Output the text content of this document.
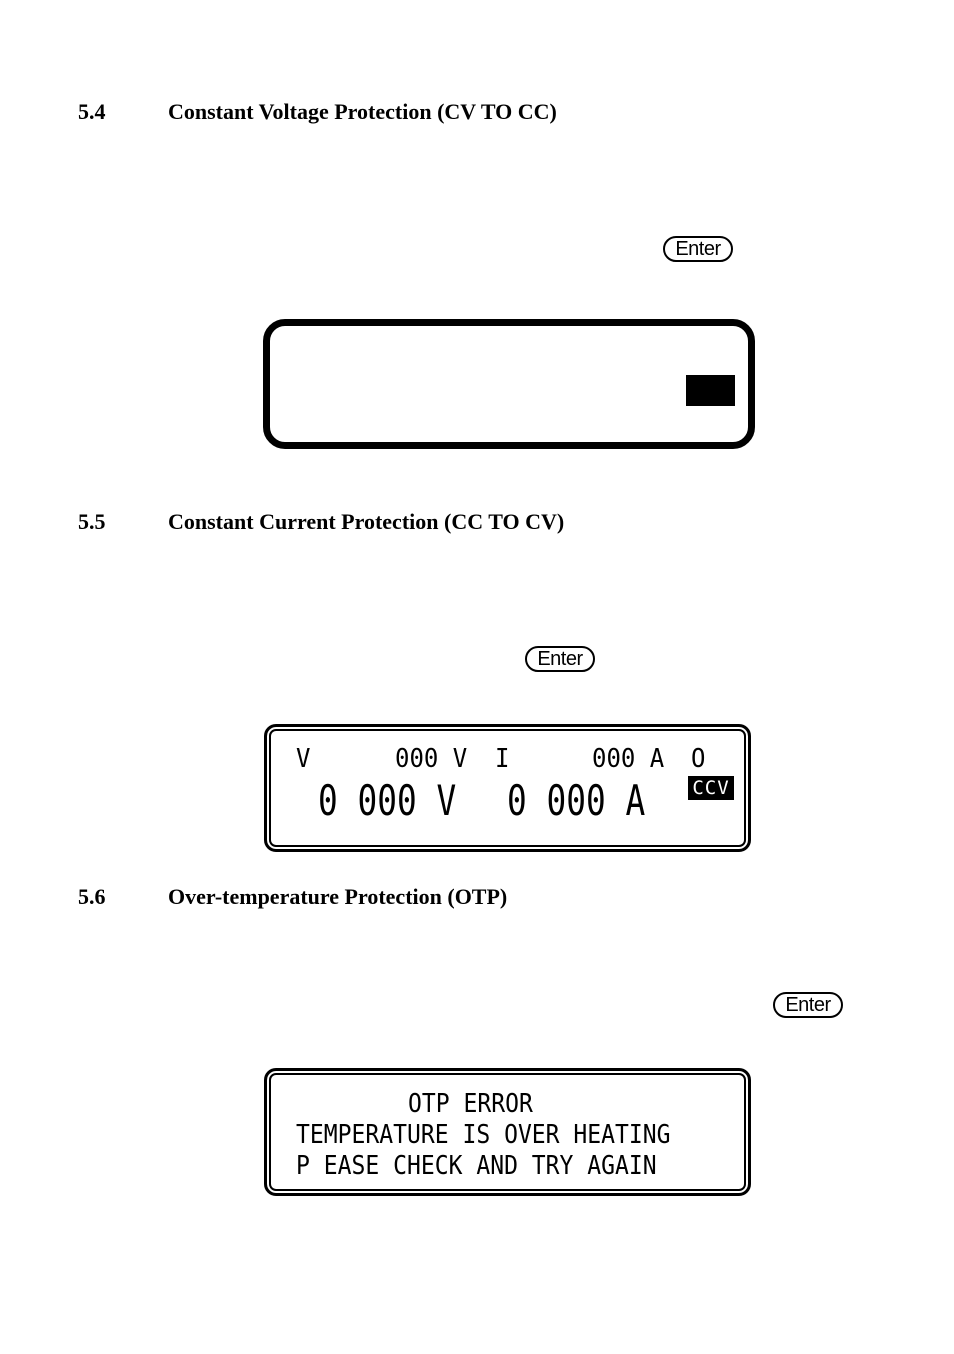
5.4	Constant Voltage Protection (CV TO CC)
Enter
5.5	Constant Current Protection (CC TO CV)
Enter
V	000 V I	000 A O
0 000 V 0 000 A CCV
5.6	Over-temperature Protection (OTP)
Enter
OTP ERROR
TEMPERATURE IS OVER HEATING
P EASE CHECK AND TRY AGAIN
